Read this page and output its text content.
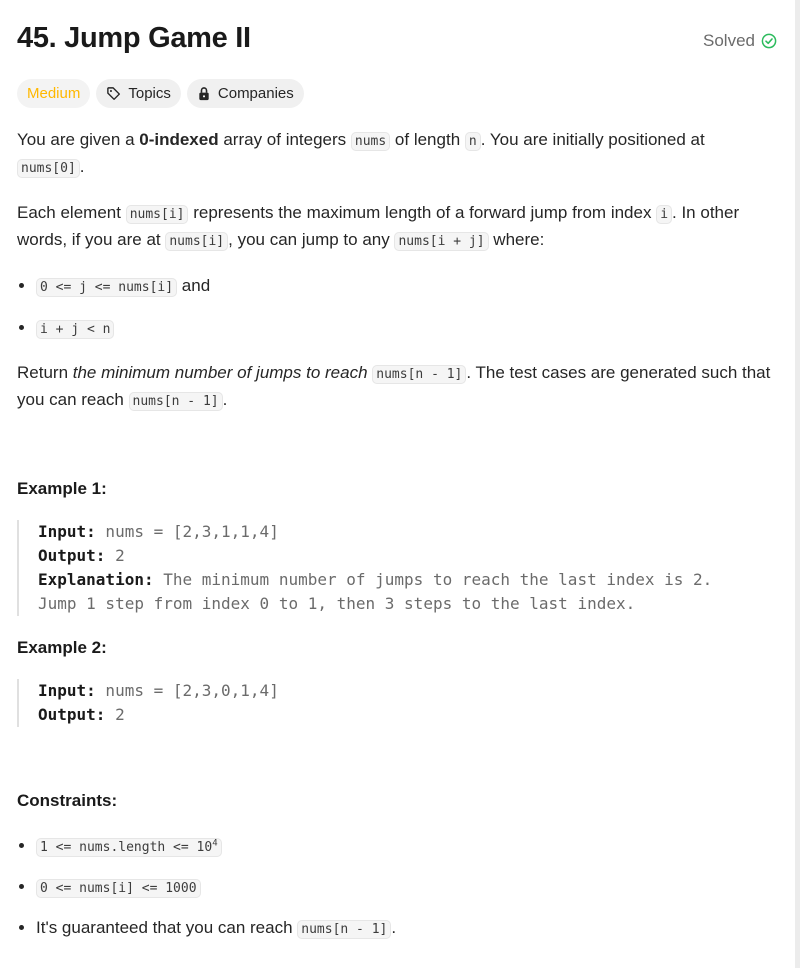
45. Jump Game II	Solved
Medium	Topics	Companies

You are given a 0-indexed array of integers nums of length n . You are initially positioned at
nums[0] .

Each element nums[i] represents the maximum length of a forward jump from index i . In other words, if you are at nums[i] , you can jump to any nums[i + j] where:

• 0 <= j <= nums[i] and
• i + j < n

Return the minimum number of jumps to reach nums[n - 1] . The test cases are generated such that you can reach nums[n - 1] .

Example 1:

Input: nums = [2,3,1,1,4]
Output: 2
Explanation: The minimum number of jumps to reach the last index is 2.
Jump 1 step from index 0 to 1, then 3 steps to the last index.

Example 2:

Input: nums = [2,3,0,1,4]
Output: 2

Constraints:

• 1 <= nums.length <= $10^4$
• 0 <= nums[i] <= 1000
• It's guaranteed that you can reach nums[n - 1] .
